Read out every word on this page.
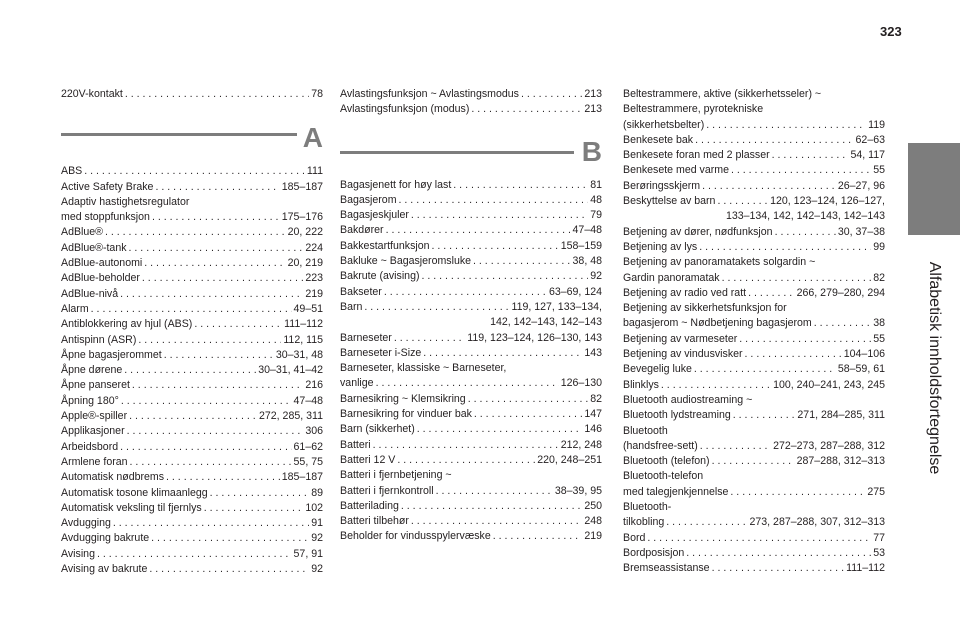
323
Alfabetisk innholdsfortegnelse
220V-kontakt . . .	78
A
ABS . . .	111
Active Safety Brake . . .	185–187
Adaptiv hastighetsregulator
med stoppfunksjon . . .	175–176
AdBlue® . . .	20, 222
AdBlue®-tank . . .	224
AdBlue-autonomi . . .	20, 219
AdBlue-beholder . . .	223
AdBlue-nivå . . .	219
Alarm . . .	49–51
Antiblokkering av hjul (ABS) . . .	111–112
Antispinn (ASR) . . .	112, 115
Åpne bagasjerommet . . .	30–31, 48
Åpne dørene . . .	30–31, 41–42
Åpne panseret . . .	216
Åpning 180° . . .	47–48
Apple®-spiller . . .	272, 285, 311
Applikasjoner . . .	306
Arbeidsbord . . .	61–62
Armlene foran . . .	55, 75
Automatisk nødbrems . . .	185–187
Automatisk tosone klimaanlegg . . .	89
Automatisk veksling til fjernlys . . .	102
Avdugging . . .	91
Avdugging bakrute . . .	92
Avising . . .	57, 91
Avising av bakrute . . .	92
Avlastingsfunksjon ~ Avlastingsmodus . . .	213
Avlastingsfunksjon (modus) . . .	213
B
Bagasjenett for høy last . . .	81
Bagasjerom . . .	48
Bagasjeskjuler . . .	79
Bakdører . . .	47–48
Bakkestartfunksjon . . .	158–159
Bakluke ~ Bagasjeromsluke . . .	38, 48
Bakrute (avising) . . .	92
Bakseter . . .	63–69, 124
Barn . . .	119, 127, 133–134,
142, 142–143, 142–143
Barneseter . . .	119, 123–124, 126–130, 143
Barneseter i-Size . . .	143
Barneseter, klassiske ~ Barneseter,
vanlige . . .	126–130
Barnesikring ~ Klemsikring . . .	82
Barnesikring for vinduer bak . . .	147
Barn (sikkerhet) . . .	146
Batteri . . .	212, 248
Batteri 12 V . . .	220, 248–251
Batteri i fjernbetjening ~
Batteri i fjernkontroll . . .	38–39, 95
Batterilading . . .	250
Batteri tilbehør . . .	248
Beholder for vindusspylervæske . . .	219
Beltestrammere, aktive (sikkerhetsseler) ~
Beltestrammere, pyrotekniske
(sikkerhetsbelter) . . .	119
Benkesete bak . . .	62–63
Benkesete foran med 2 plasser . . .	54, 117
Benkesete med varme . . .	55
Berøringsskjerm . . .	26–27, 96
Beskyttelse av barn . . .	120, 123–124, 126–127,
133–134, 142, 142–143, 142–143
Betjening av dører, nødfunksjon . . .	30, 37–38
Betjening av lys . . .	99
Betjening av panoramatakets solgardin ~
Gardin panoramatak . . .	82
Betjening av radio ved ratt . . .	266, 279–280, 294
Betjening av sikkerhetsfunksjon for
bagasjerom ~ Nødbetjening bagasjerom . . .	38
Betjening av varmeseter . . .	55
Betjening av vindusvisker . . .	104–106
Bevegelig luke . . .	58–59, 61
Blinklys . . .	100, 240–241, 243, 245
Bluetooth audiostreaming ~
Bluetooth lydstreaming . . .	271, 284–285, 311
Bluetooth
(handsfree-sett) . . .	272–273, 287–288, 312
Bluetooth (telefon) . . .	287–288, 312–313
Bluetooth-telefon
med talegjenkjennelse . . .	275
Bluetooth-
tilkobling . . .	273, 287–288, 307, 312–313
Bord . . .	77
Bordposisjon . . .	53
Bremseassistanse . . .	111–112
